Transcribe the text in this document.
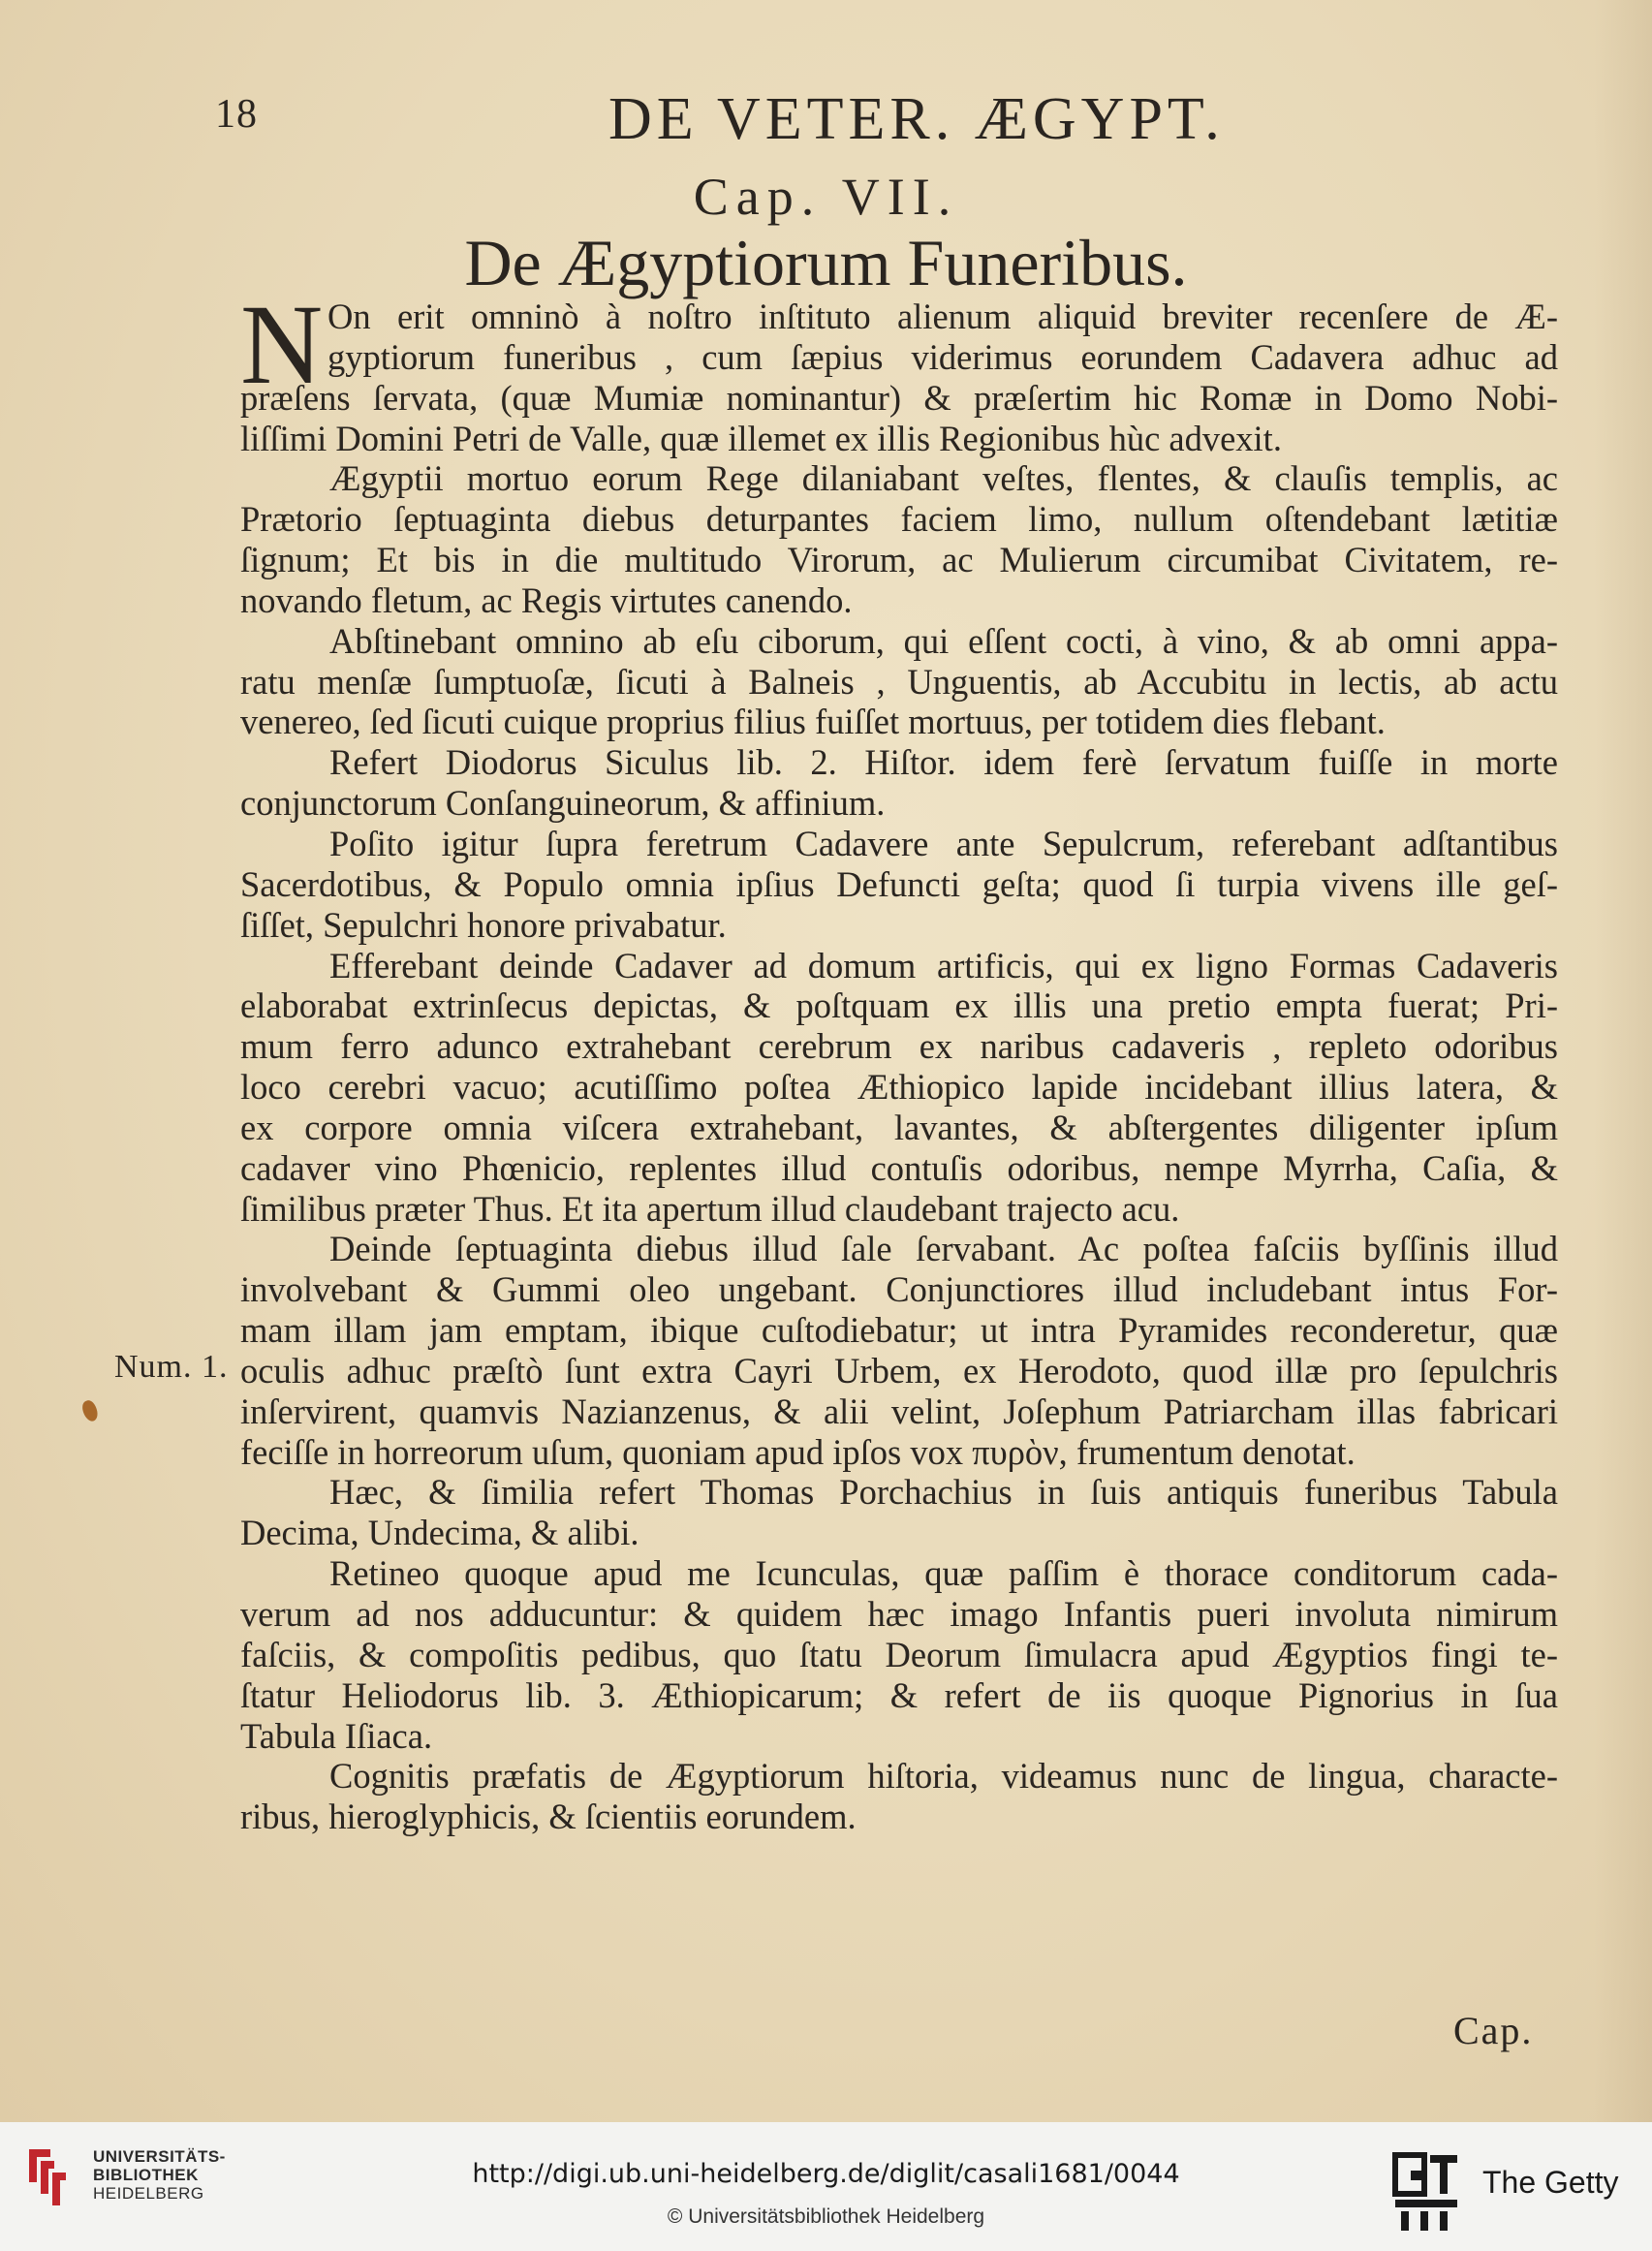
18	DE VETER. ÆGYPT.
Cap. VII.
De Ægyptiorum Funeribus.
N On erit omninò à noſtro inſtituto alienum aliquid breviter recenſere de Æ-
gyptiorum funeribus , cum ſæpius viderimus eorundem Cadavera adhuc ad
præſens ſervata, (quæ Mumiæ nominantur) & præſertim hic Romæ in Domo Nobi-
liſſimi Domini Petri de Valle, quæ illemet ex illis Regionibus hùc advexit.
Ægyptii mortuo eorum Rege dilaniabant veſtes, flentes, & clauſis templis, ac
Prætorio ſeptuaginta diebus deturpantes faciem limo, nullum oſtendebant lætitiæ
ſignum; Et bis in die multitudo Virorum, ac Mulierum circumibat Civitatem, re-
novando fletum, ac Regis virtutes canendo.
Abſtinebant omnino ab eſu ciborum, qui eſſent cocti, à vino, & ab omni appa-
ratu menſæ ſumptuoſæ, ſicuti à Balneis , Unguentis, ab Accubitu in lectis, ab actu
venereo, ſed ſicuti cuique proprius filius fuiſſet mortuus, per totidem dies flebant.
Refert Diodorus Siculus lib. 2. Hiſtor. idem ferè ſervatum fuiſſe in morte
conjunctorum Conſanguineorum, & affinium.
Poſito igitur ſupra feretrum Cadavere ante Sepulcrum, referebant adſtantibus
Sacerdotibus, & Populo omnia ipſius Defuncti geſta; quod ſi turpia vivens ille geſ-
ſiſſet, Sepulchri honore privabatur.
Efferebant deinde Cadaver ad domum artificis, qui ex ligno Formas Cadaveris
elaborabat extrinſecus depictas, & poſtquam ex illis una pretio empta fuerat; Pri-
mum ferro adunco extrahebant cerebrum ex naribus cadaveris , repleto odoribus
loco cerebri vacuo; acutiſſimo poſtea Æthiopico lapide incidebant illius latera, &
ex corpore omnia viſcera extrahebant, lavantes, & abſtergentes diligenter ipſum
cadaver vino Phœnicio, replentes illud contuſis odoribus, nempe Myrrha, Caſia, &
ſimilibus præter Thus. Et ita apertum illud claudebant trajecto acu.
Deinde ſeptuaginta diebus illud ſale ſervabant. Ac poſtea faſciis byſſinis illud
involvebant & Gummi oleo ungebant. Conjunctiores illud includebant intus For-
mam illam jam emptam, ibique cuſtodiebatur; ut intra Pyramides reconderetur, quæ
oculis adhuc præſtò ſunt extra Cayri Urbem, ex Herodoto, quod illæ pro ſepulchris
inſervirent, quamvis Nazianzenus, & alii velint, Joſephum Patriarcham illas fabricari
feciſſe in horreorum uſum, quoniam apud ipſos vox πυρὸν, frumentum denotat.
Hæc, & ſimilia refert Thomas Porchachius in ſuis antiquis funeribus Tabula
Decima, Undecima, & alibi.
Retineo quoque apud me Icunculas, quæ paſſim è thorace conditorum cada-
verum ad nos adducuntur: & quidem hæc imago Infantis pueri involuta nimirum
faſciis, & compoſitis pedibus, quo ſtatu Deorum ſimulacra apud Ægyptios fingi te-
ſtatur Heliodorus lib. 3. Æthiopicarum; & refert de iis quoque Pignorius in ſua
Tabula Iſiaca.
Cognitis præfatis de Ægyptiorum hiſtoria, videamus nunc de lingua, characte-
ribus, hieroglyphicis, & ſcientiis eorundem.
Num. 1.
Cap.
UNIVERSITÄTS-
BIBLIOTHEK
HEIDELBERG
http://digi.ub.uni-heidelberg.de/diglit/casali1681/0044
© Universitätsbibliothek Heidelberg
The Getty
